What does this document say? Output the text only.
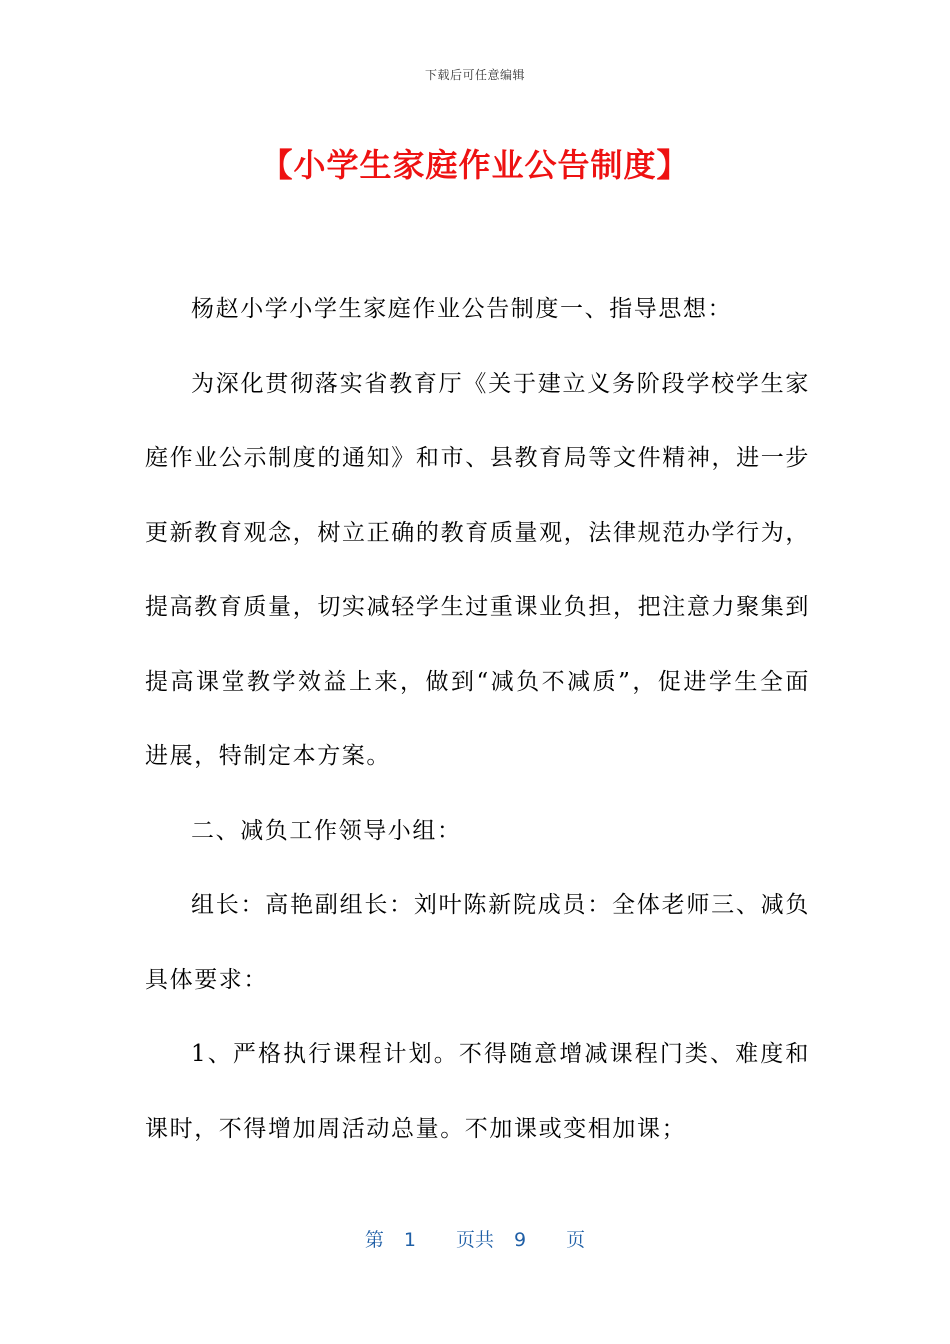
下载后可任意编辑
【小学生家庭作业公告制度】

杨赵小学小学生家庭作业公告制度一、指导思想：

为深化贯彻落实省教育厅《关于建立义务阶段学校学生家庭作业公示制度的通知》和市、县教育局等文件精神，进一步更新教育观念，树立正确的教育质量观，法律规范办学行为，提高教育质量，切实减轻学生过重课业负担，把注意力聚集到提高课堂教学效益上来，做到“减负不减质”，促进学生全面进展，特制定本方案。

二、减负工作领导小组：

组长：高艳副组长：刘叶陈新院成员：全体老师三、减负具体要求：

1、严格执行课程计划。不得随意增减课程门类、难度和课时，不得增加周活动总量。不加课或变相加课；

第 1 页共 9 页
